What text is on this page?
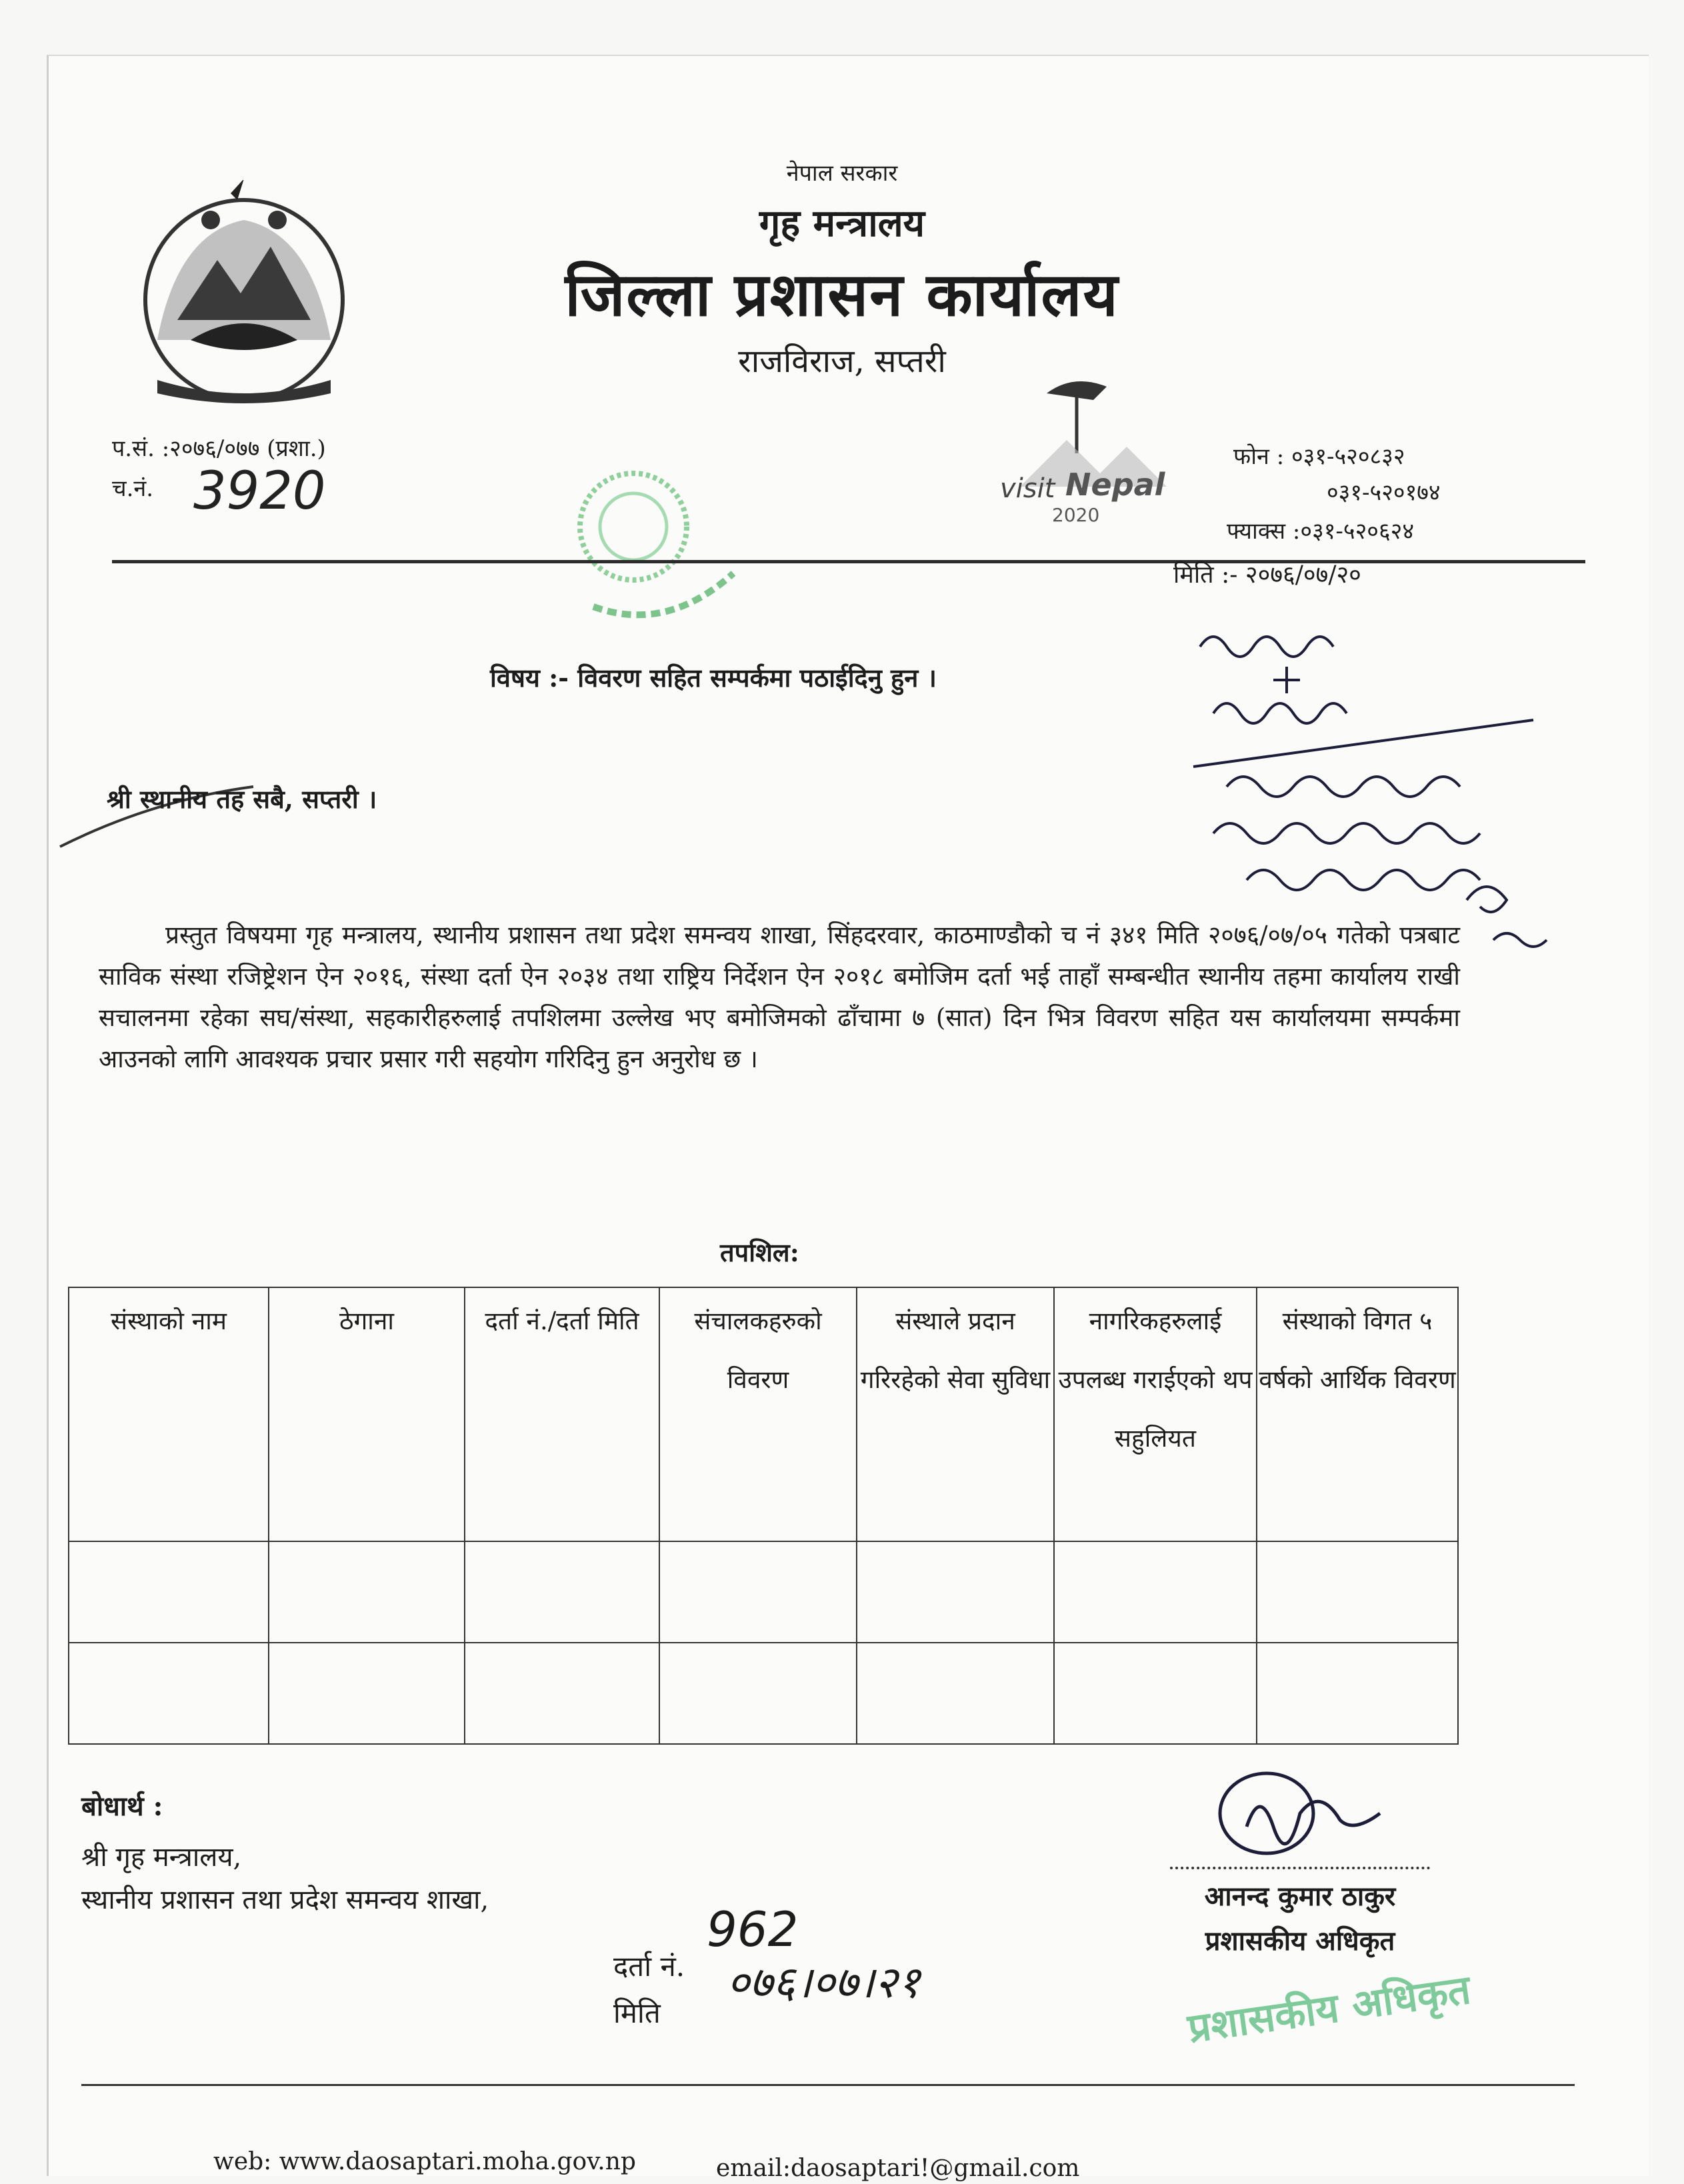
नेपाल सरकार
गृह मन्त्रालय
जिल्ला प्रशासन कार्यालय
राजविराज, सप्तरी
प.सं. :२०७६/०७७ (प्रशा.)
च.नं. 3920	visit Nepal
2020
फोन : ०३१-५२०८३२
०३१-५२०१७४
फ्याक्स :०३१-५२०६२४
मिति :- २०७६/०७/२०
विषय :- विवरण सहित सम्पर्कमा पठाईदिनु हुन ।
श्री स्थानीय तह सबै, सप्तरी ।
प्रस्तुत विषयमा गृह मन्त्रालय, स्थानीय प्रशासन तथा प्रदेश समन्वय शाखा, सिंहदरवार, काठमाण्डौको च नं ३४१ मिति २०७६/०७/०५ गतेको पत्रबाट साविक संस्था रजिष्ट्रेशन ऐन २०१६, संस्था दर्ता ऐन २०३४ तथा राष्ट्रिय निर्देशन ऐन २०१८ बमोजिम दर्ता भई ताहाँ सम्बन्धीत स्थानीय तहमा कार्यालय राखी सचालनमा रहेका सघ/संस्था, सहकारीहरुलाई तपशिलमा उल्लेख भए बमोजिमको ढाँचामा ७ (सात) दिन भित्र विवरण सहित यस कार्यालयमा सम्पर्कमा आउनको लागि आवश्यक प्रचार प्रसार गरी सहयोग गरिदिनु हुन अनुरोध छ ।
तपशिल:
संस्थाको नाम	ठेगाना	दर्ता नं./दर्ता मिति	संचालकहरुको विवरण	संस्थाले प्रदान गरिरहेको सेवा सुविधा	नागरिकहरुलाई उपलब्ध गराईएको थप सहुलियत	संस्थाको विगत ५ वर्षको आर्थिक विवरण

बोधार्थ :
श्री गृह मन्त्रालय,
स्थानीय प्रशासन तथा प्रदेश समन्वय शाखा,
दर्ता नं.
962
मिति
०७६।०७।२१
आनन्द कुमार ठाकुर
प्रशासकीय अधिकृत
प्रशासकीय अधिकृत
web: www.daosaptari.moha.gov.np	email:daosaptari!@gmail.com
